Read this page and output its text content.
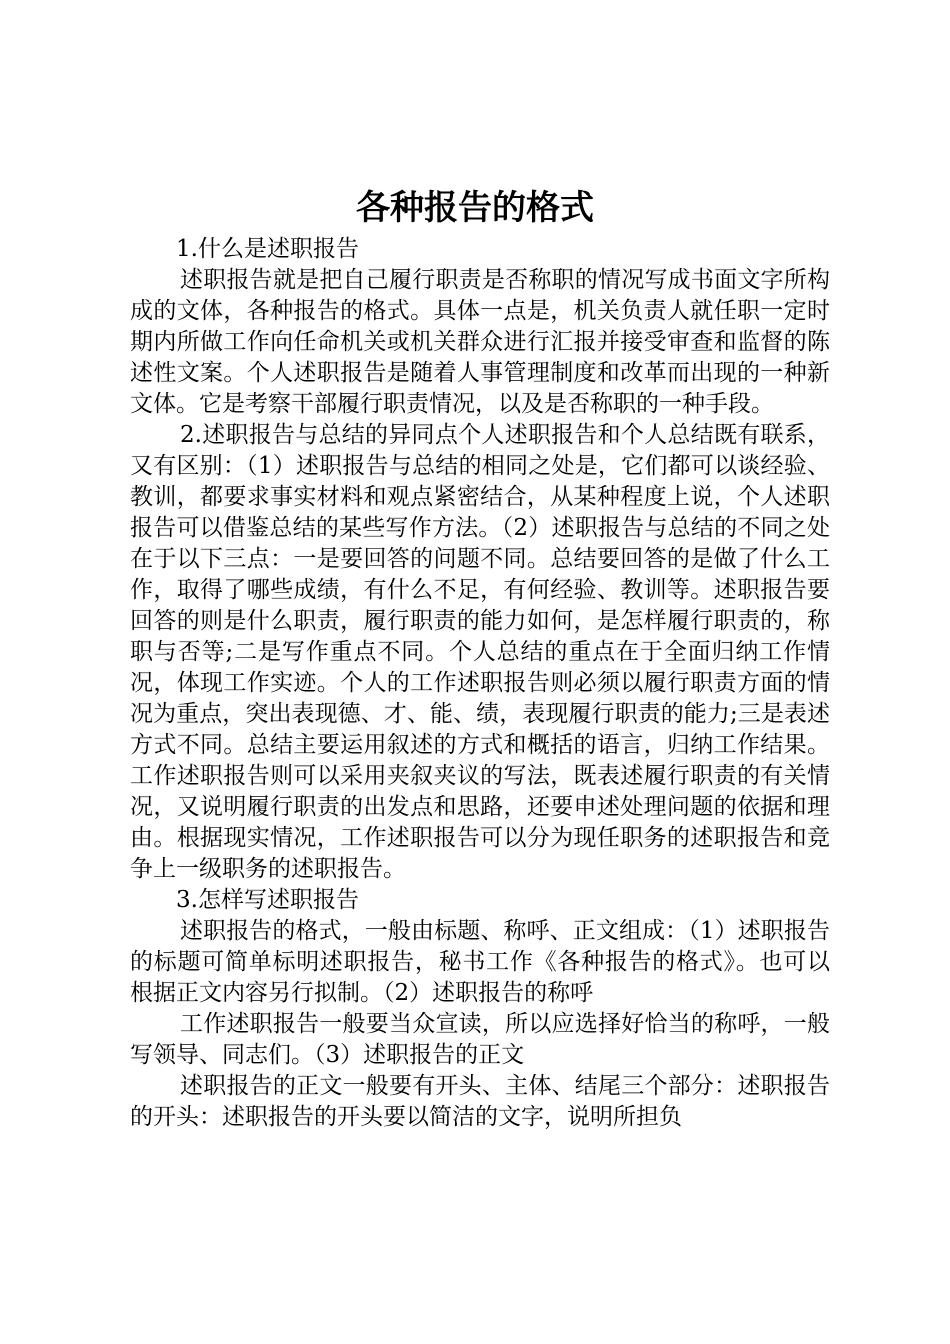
各种报告的格式

1.什么是述职报告

述职报告就是把自己履行职责是否称职的情况写成书面文字所构成的文体，各种报告的格式。具体一点是，机关负责人就任职一定时期内所做工作向任命机关或机关群众进行汇报并接受审查和监督的陈述性文案。个人述职报告是随着人事管理制度和改革而出现的一种新文体。它是考察干部履行职责情况，以及是否称职的一种手段。

2.述职报告与总结的异同点个人述职报告和个人总结既有联系，又有区别：（1）述职报告与总结的相同之处是，它们都可以谈经验、教训，都要求事实材料和观点紧密结合，从某种程度上说，个人述职报告可以借鉴总结的某些写作方法。（2）述职报告与总结的不同之处在于以下三点：一是要回答的问题不同。总结要回答的是做了什么工作，取得了哪些成绩，有什么不足，有何经验、教训等。述职报告要回答的则是什么职责，履行职责的能力如何，是怎样履行职责的，称职与否等;二是写作重点不同。个人总结的重点在于全面归纳工作情况，体现工作实迹。个人的工作述职报告则必须以履行职责方面的情况为重点，突出表现德、才、能、绩，表现履行职责的能力;三是表述方式不同。总结主要运用叙述的方式和概括的语言，归纳工作结果。工作述职报告则可以采用夹叙夹议的写法，既表述履行职责的有关情况，又说明履行职责的出发点和思路，还要申述处理问题的依据和理由。根据现实情况，工作述职报告可以分为现任职务的述职报告和竞争上一级职务的述职报告。

3.怎样写述职报告

述职报告的格式，一般由标题、称呼、正文组成：（1）述职报告的标题可简单标明述职报告，秘书工作《各种报告的格式》。也可以根据正文内容另行拟制。（2）述职报告的称呼

工作述职报告一般要当众宣读，所以应选择好恰当的称呼，一般写领导、同志们。（3）述职报告的正文

述职报告的正文一般要有开头、主体、结尾三个部分：述职报告的开头：述职报告的开头要以简洁的文字，说明所担负
